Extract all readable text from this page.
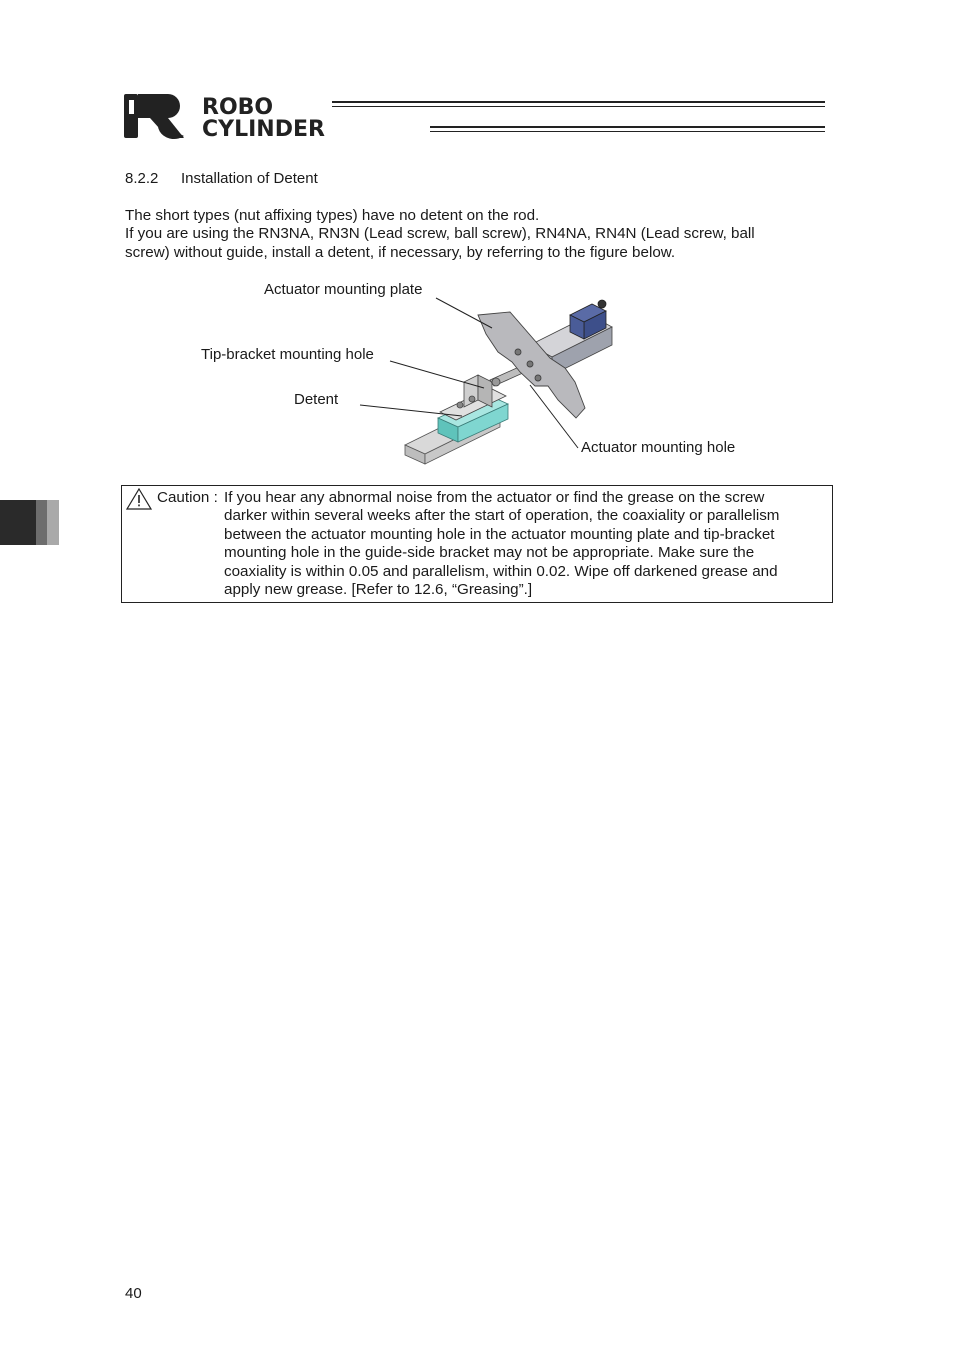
ROBO
CYLINDER
8.2.2 Installation of Detent
The short types (nut affixing types) have no detent on the rod.
If you are using the RN3NA, RN3N (Lead screw, ball screw), RN4NA, RN4N (Lead screw, ball
screw) without guide, install a detent, if necessary, by referring to the figure below.
Actuator mounting plate
Tip-bracket mounting hole
Detent
Actuator mounting hole
Caution : If you hear any abnormal noise from the actuator or find the grease on the screw
darker within several weeks after the start of operation, the coaxiality or parallelism
between the actuator mounting hole in the actuator mounting plate and tip-bracket
mounting hole in the guide-side bracket may not be appropriate. Make sure the
coaxiality is within 0.05 and parallelism, within 0.02. Wipe off darkened grease and
apply new grease. [Refer to 12.6, “Greasing”.]
40
